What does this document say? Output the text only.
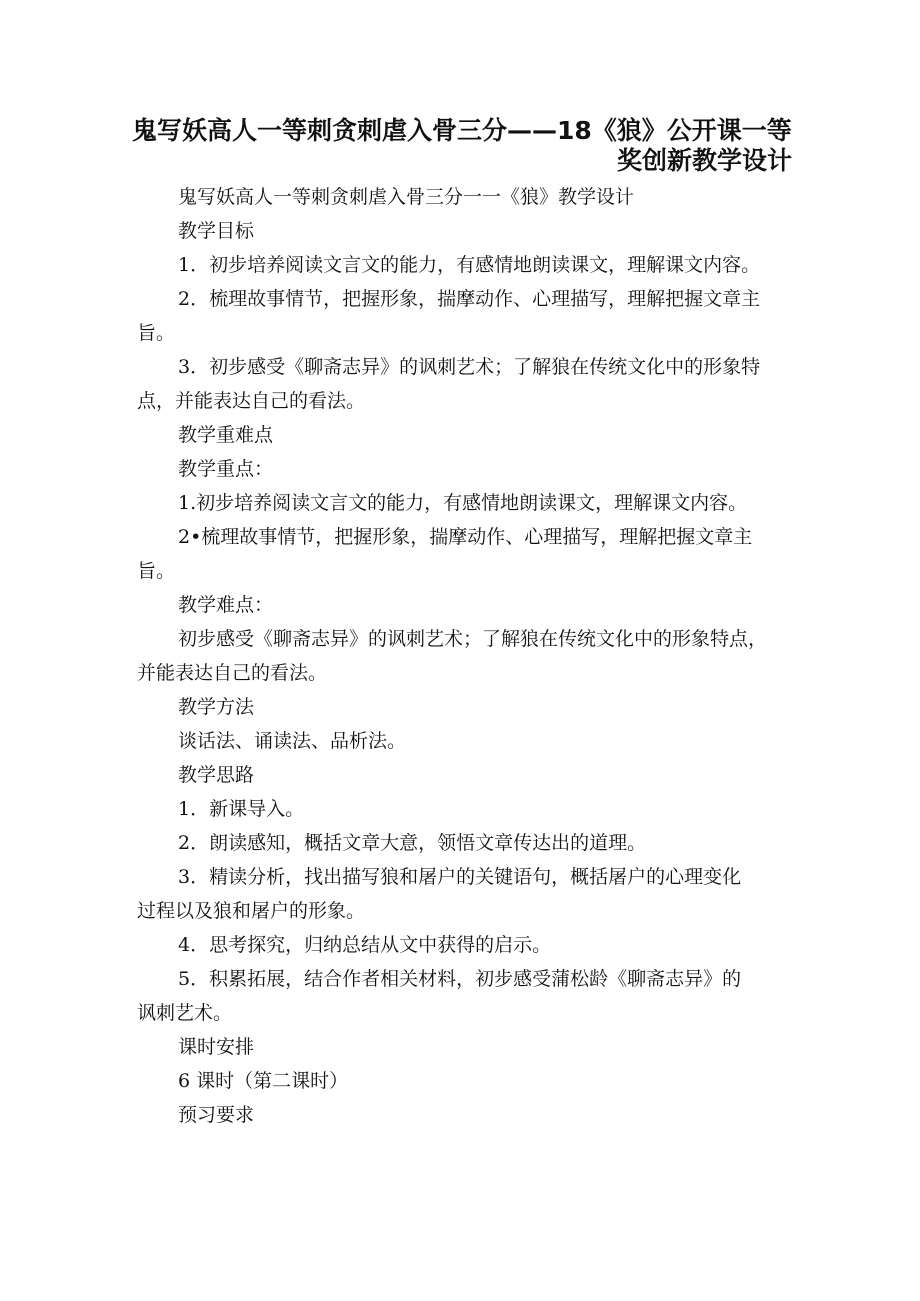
鬼写妖高人一等刺贪刺虐入骨三分——18《狼》公开课一等
奖创新教学设计

鬼写妖高人一等刺贪刺虐入骨三分一一《狼》教学设计

教学目标

1．初步培养阅读文言文的能力，有感情地朗读课文，理解课文内容。

2．梳理故事情节，把握形象，揣摩动作、心理描写，理解把握文章主

旨。

3．初步感受《聊斋志异》的讽刺艺术；了解狼在传统文化中的形象特

点，并能表达自己的看法。

教学重难点

教学重点：

1.初步培养阅读文言文的能力，有感情地朗读课文，理解课文内容。

2•梳理故事情节，把握形象，揣摩动作、心理描写，理解把握文章主

旨。

教学难点：

初步感受《聊斋志异》的讽刺艺术；了解狼在传统文化中的形象特点，

并能表达自己的看法。

教学方法

谈话法、诵读法、品析法。

教学思路

1．新课导入。

2．朗读感知，概括文章大意，领悟文章传达出的道理。

3．精读分析，找出描写狼和屠户的关键语句，概括屠户的心理变化

过程以及狼和屠户的形象。

4．思考探究，归纳总结从文中获得的启示。

5．积累拓展，结合作者相关材料，初步感受蒲松龄《聊斋志异》的

讽刺艺术。

课时安排

6 课时（第二课时）

预习要求
